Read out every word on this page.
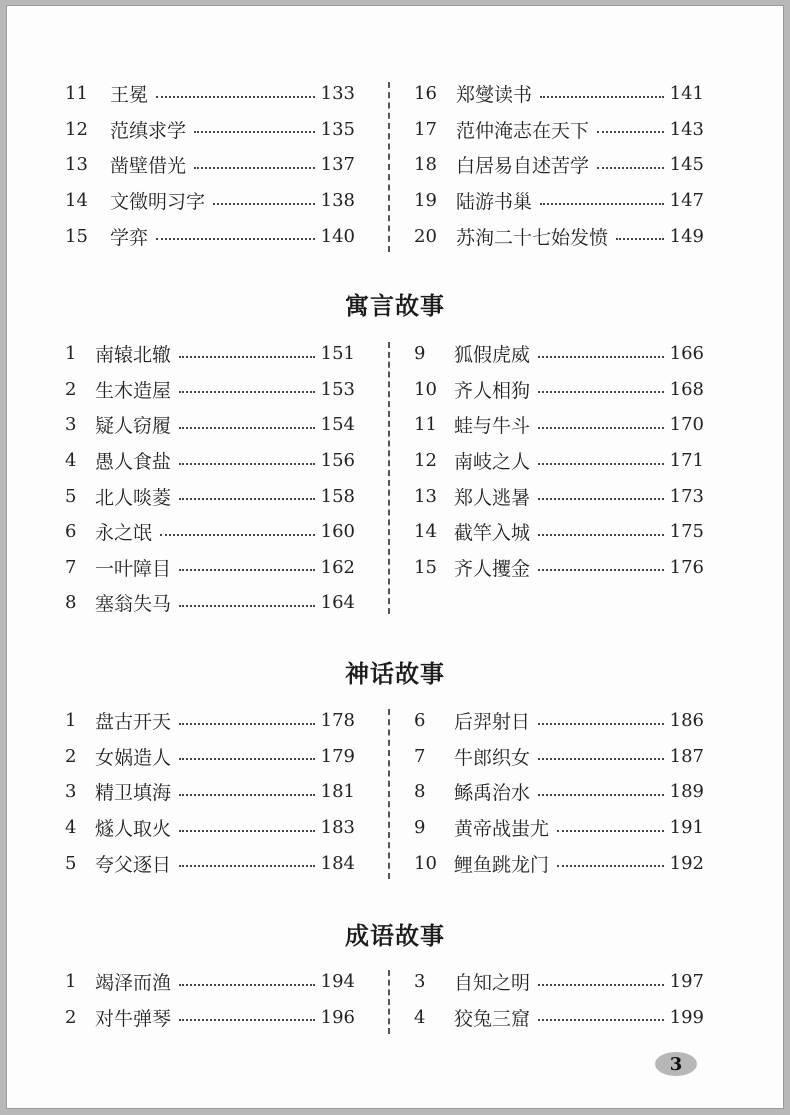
11	王冕	133
12	范缜求学	135
13	凿壁借光	137
14	文徵明习字	138
15	学弈	140
16	郑燮读书	141
17	范仲淹志在天下	143
18	白居易自述苦学	145
19	陆游书巢	147
20	苏洵二十七始发愤	149
寓言故事
1 南辕北辙	151
2 生木造屋	153
3 疑人窃履	154
4 愚人食盐	156
5 北人啖菱	158
6 永之氓	160
7 一叶障目	162
8 塞翁失马	164
9	狐假虎威	166
10 齐人相狗	168
11 蛙与牛斗	170
12 南岐之人	171
13 郑人逃暑	173
14 截竿入城	175
15 齐人攫金	176
神话故事
1 盘古开天	178
2 女娲造人	179
3 精卫填海	181
4 燧人取火	183
5 夸父逐日	184
6	后羿射日	186
7	牛郎织女	187
8	鲧禹治水	189
9	黄帝战蚩尤	191
10 鲤鱼跳龙门	192
成语故事
1 竭泽而渔	194
2 对牛弹琴	196
3	自知之明	197
4	狡兔三窟	199
3
